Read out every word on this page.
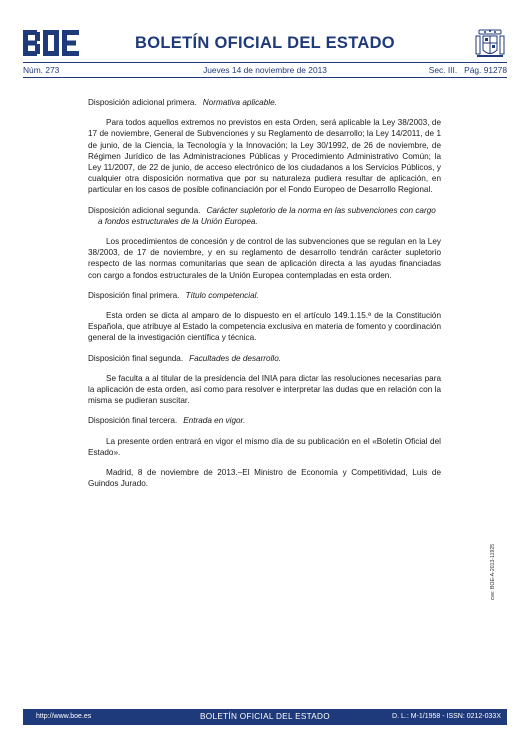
BOLETÍN OFICIAL DEL ESTADO
Núm. 273	Jueves 14 de noviembre de 2013	Sec. III. Pág. 91278

Disposición adicional primera. Normativa aplicable.

Para todos aquellos extremos no previstos en esta Orden, será aplicable la Ley 38/2003, de 17 de noviembre, General de Subvenciones y su Reglamento de desarrollo; la Ley 14/2011, de 1 de junio, de la Ciencia, la Tecnología y la Innovación; la Ley 30/1992, de 26 de noviembre, de Régimen Jurídico de las Administraciones Públicas y Procedimiento Administrativo Común; la Ley 11/2007, de 22 de junio, de acceso electrónico de los ciudadanos a los Servicios Públicos, y cualquier otra disposición normativa que por su naturaleza pudiera resultar de aplicación, en particular en los casos de posible cofinanciación por el Fondo Europeo de Desarrollo Regional.

Disposición adicional segunda. Carácter supletorio de la norma en las subvenciones con cargo a fondos estructurales de la Unión Europea.

Los procedimientos de concesión y de control de las subvenciones que se regulan en la Ley 38/2003, de 17 de noviembre, y en su reglamento de desarrollo tendrán carácter supletorio respecto de las normas comunitarias que sean de aplicación directa a las ayudas financiadas con cargo a fondos estructurales de la Unión Europea contempladas en esta orden.

Disposición final primera. Título competencial.

Esta orden se dicta al amparo de lo dispuesto en el artículo 149.1.15.ª de la Constitución Española, que atribuye al Estado la competencia exclusiva en materia de fomento y coordinación general de la investigación científica y técnica.

Disposición final segunda. Facultades de desarrollo.

Se faculta a al titular de la presidencia del INIA para dictar las resoluciones necesarias para la aplicación de esta orden, así como para resolver e interpretar las dudas que en relación con la misma se pudieran suscitar.

Disposición final tercera. Entrada en vigor.

La presente orden entrará en vigor el mismo día de su publicación en el «Boletín Oficial del Estado».

Madrid, 8 de noviembre de 2013.–El Ministro de Economía y Competitividad, Luis de Guindos Jurado.

cve: BOE-A-2013-11925
http://www.boe.es	BOLETÍN OFICIAL DEL ESTADO	D. L.: M-1/1958 - ISSN: 0212-033X
